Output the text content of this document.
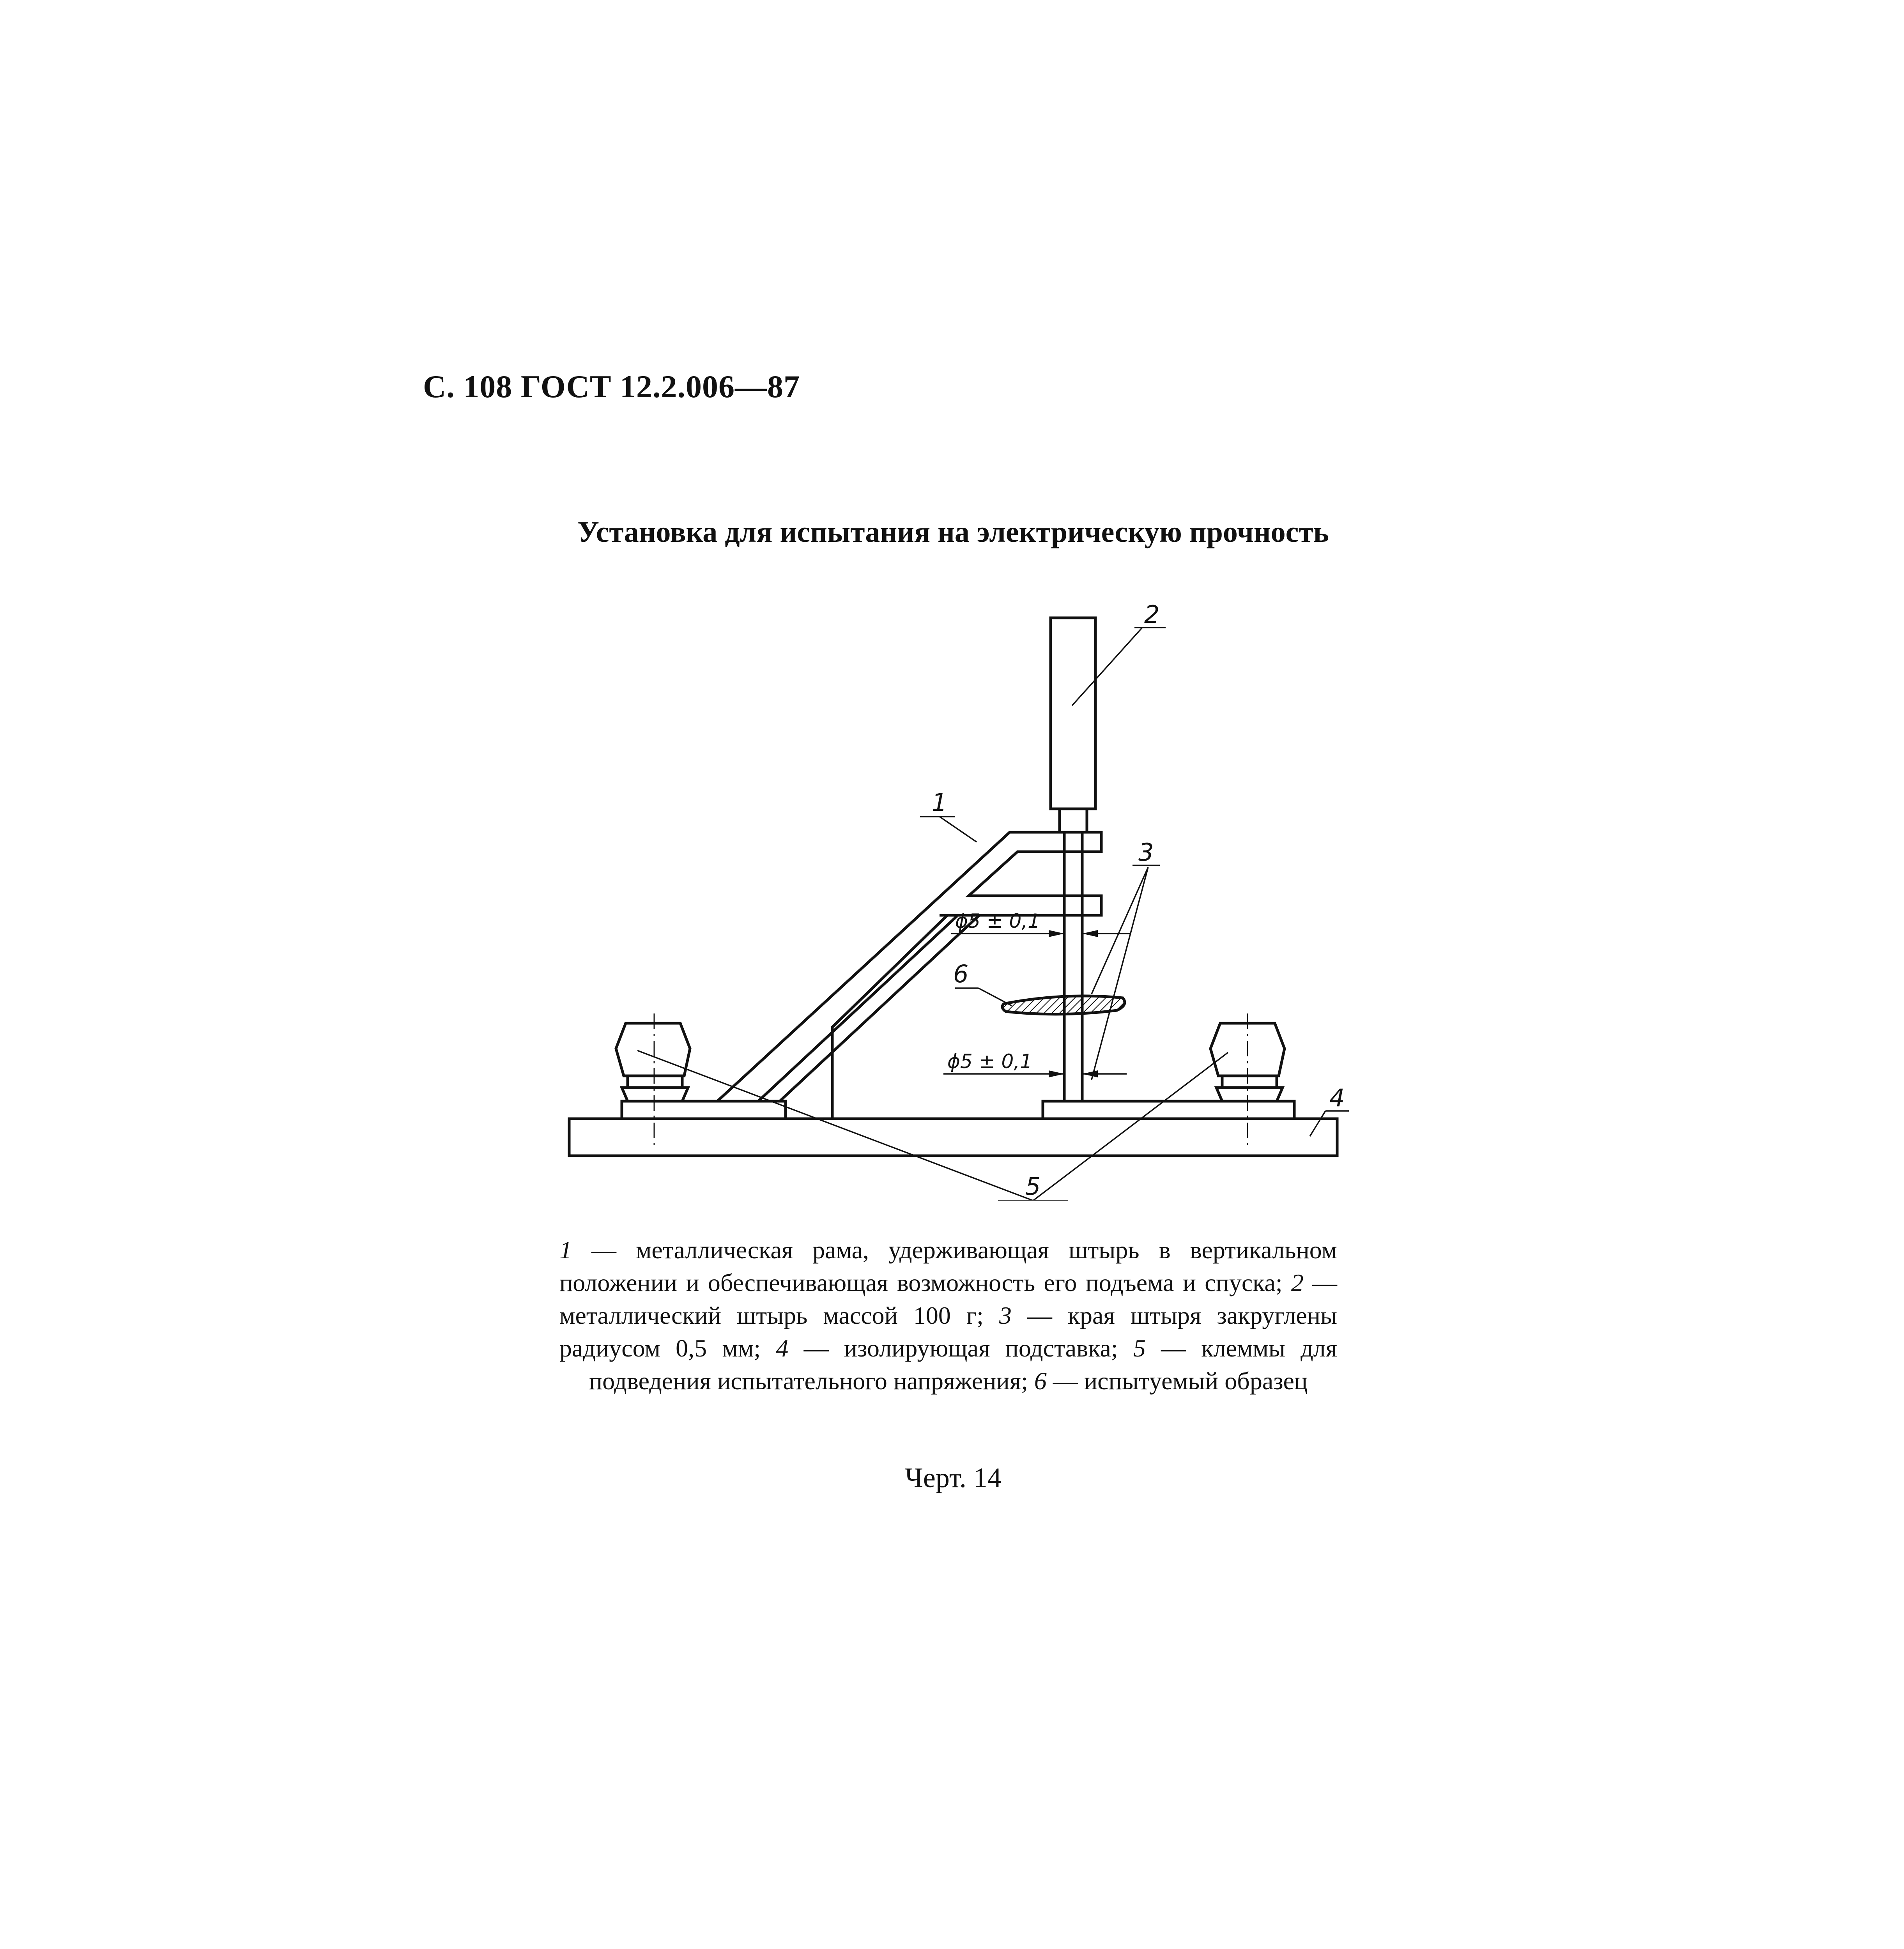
С. 108 ГОСТ 12.2.006—87
Установка для испытания на электрическую прочность
2
1
3
6
4
5
ϕ5 ± 0,1
ϕ5 ± 0,1
1 — металлическая рама, удерживающая штырь в вертикальном положении и обеспечивающая возможность его подъема и спуска; 2 — металлический штырь массой 100 г; 3 — края штыря закруглены радиусом 0,5 мм; 4 — изолирующая подставка; 5 — клеммы для подведения испытательного напряжения; 6 — испытуемый образец
Черт. 14
